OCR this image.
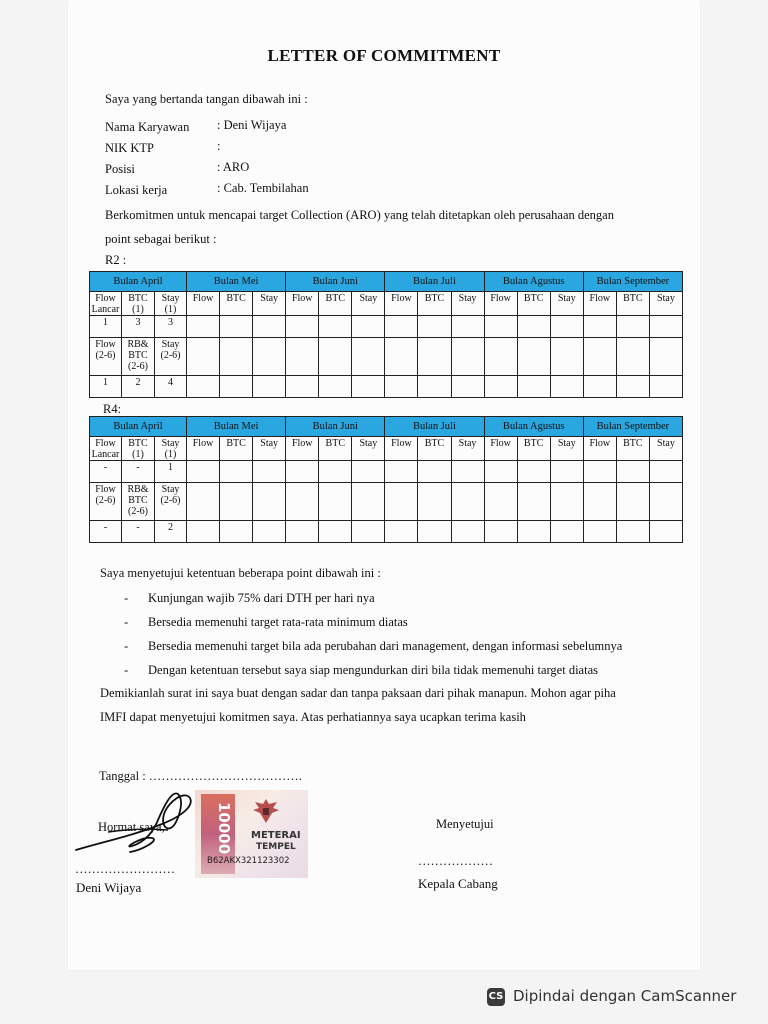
LETTER OF COMMITMENT
Saya yang bertanda tangan dibawah ini :
Nama Karyawan : Deni Wijaya
NIK KTP	:
Posisi	: ARO
Lokasi kerja	: Cab. Tembilahan
Berkomitmen untuk mencapai target Collection (ARO) yang telah ditetapkan oleh perusahaan dengan
point sebagai berikut :
R2 :
Bulan April			Bulan Mei			Bulan Juni			Bulan Juli			Bulan Agustus			Bulan September		
Flow Lancar	BTC (1)	Stay (1)	Flow	BTC	Stay	Flow	BTC	Stay	Flow	BTC	Stay	Flow	BTC	Stay	Flow	BTC	Stay
1	3	3															
Flow (2-6)	RB& BTC (2-6)	Stay (2-6)															
1	2	4															
R4:
Bulan April			Bulan Mei			Bulan Juni			Bulan Juli			Bulan Agustus			Bulan September		
Flow Lancar	BTC (1)	Stay (1)	Flow	BTC	Stay	Flow	BTC	Stay	Flow	BTC	Stay	Flow	BTC	Stay	Flow	BTC	Stay
-	-	1															
Flow (2-6)	RB& BTC (2-6)	Stay (2-6)															
-	-	2															
Saya menyetujui ketentuan beberapa point dibawah ini :
- Kunjungan wajib 75% dari DTH per hari nya
- Bersedia memenuhi target rata-rata minimum diatas
- Bersedia memenuhi target bila ada perubahan dari management, dengan informasi sebelumnya
- Dengan ketentuan tersebut saya siap mengundurkan diri bila tidak memenuhi target diatas
Demikianlah surat ini saya buat dengan sadar dan tanpa paksaan dari pihak manapun. Mohon agar piha
IMFI dapat menyetujui komitmen saya. Atas perhatiannya saya ucapkan terima kasih
Tanggal : ……………………………….
Hormat saya,
METERAI
TEMPEL
B62AKX321123302
……………………
Deni Wijaya
Menyetujui
………………
Kepala Cabang
CS Dipindai dengan CamScanner
